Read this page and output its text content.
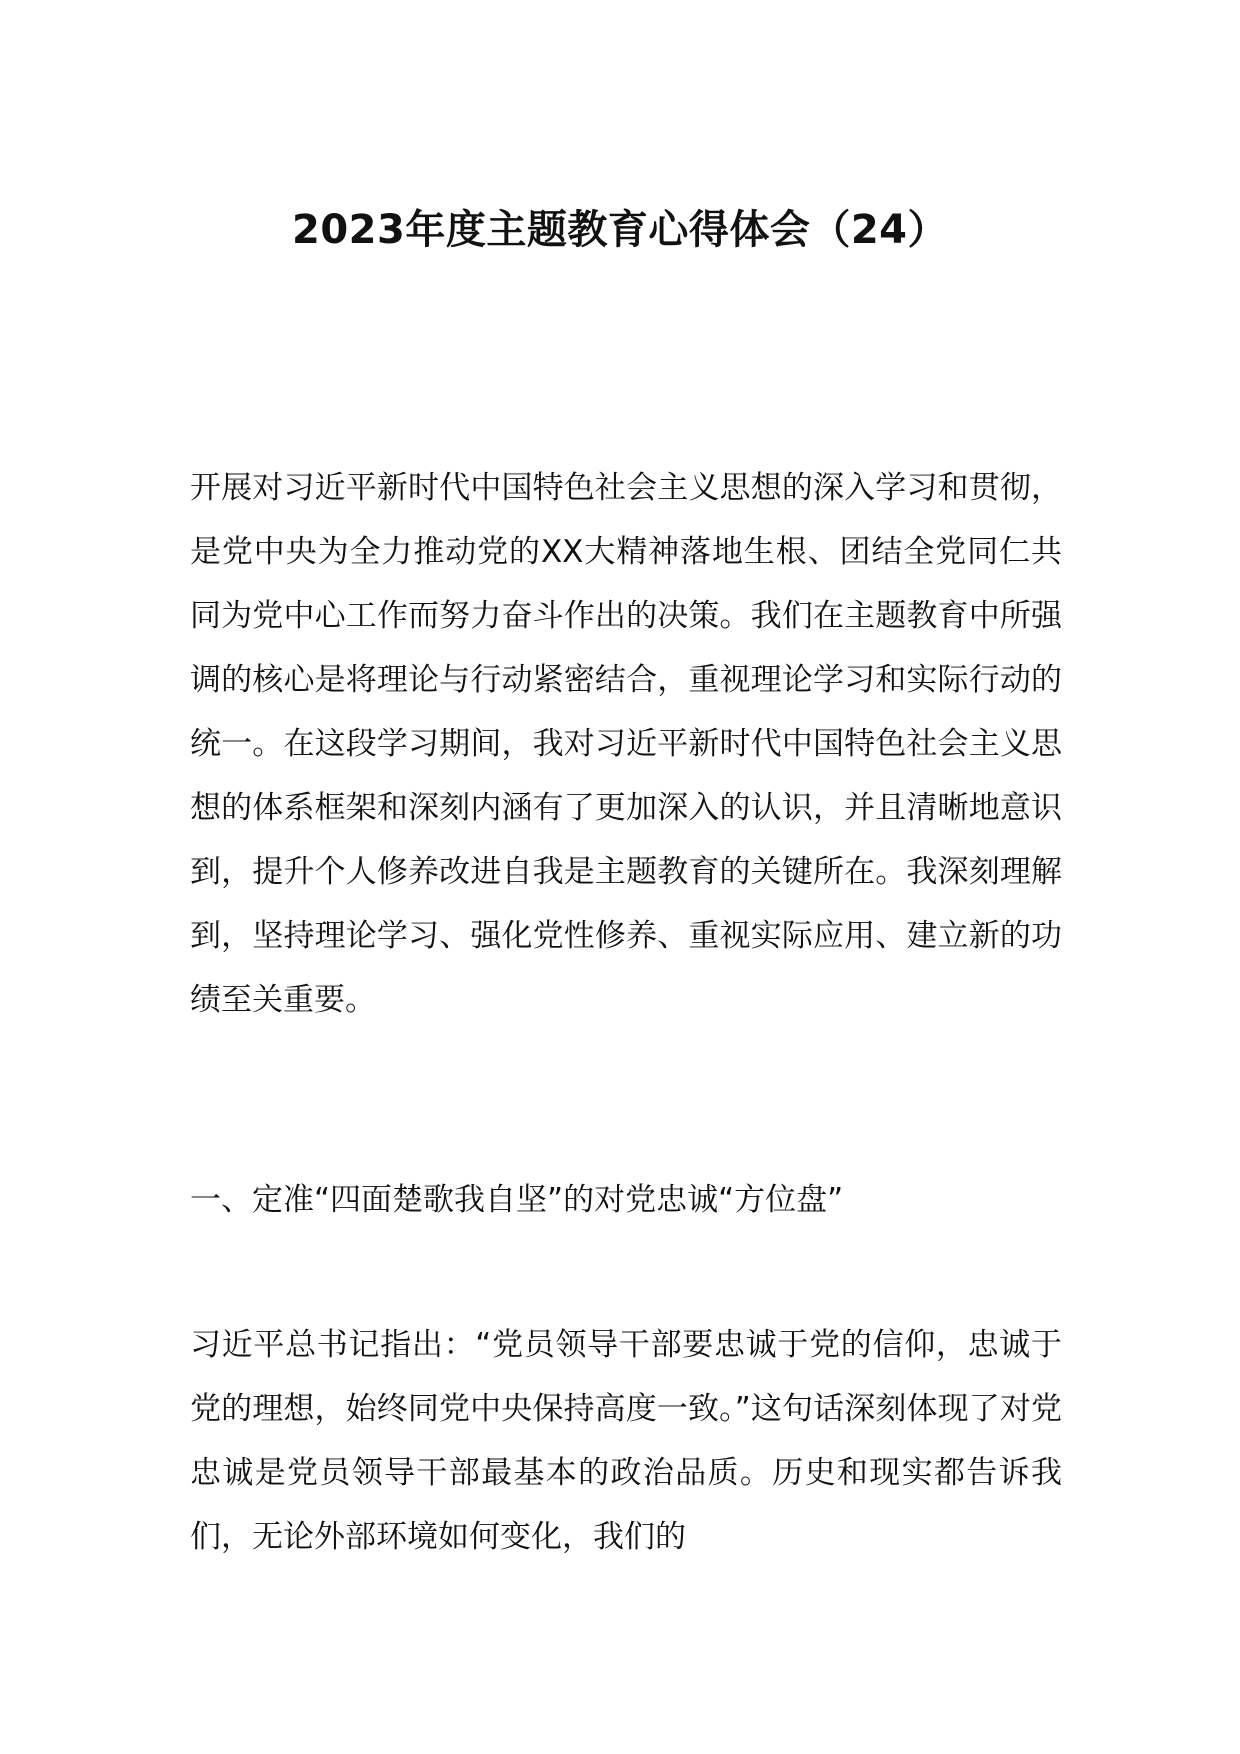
2023年度主题教育心得体会（24）

开展对习近平新时代中国特色社会主义思想的深入学习和贯彻，是党中央为全力推动党的XX大精神落地生根、团结全党同仁共同为党中心工作而努力奋斗作出的决策。我们在主题教育中所强调的核心是将理论与行动紧密结合，重视理论学习和实际行动的统一。在这段学习期间，我对习近平新时代中国特色社会主义思想的体系框架和深刻内涵有了更加深入的认识，并且清晰地意识到，提升个人修养改进自我是主题教育的关键所在。我深刻理解到，坚持理论学习、强化党性修养、重视实际应用、建立新的功绩至关重要。

一、定准“四面楚歌我自坚”的对党忠诚“方位盘”

习近平总书记指出：“党员领导干部要忠诚于党的信仰，忠诚于党的理想，始终同党中央保持高度一致。”这句话深刻体现了对党忠诚是党员领导干部最基本的政治品质。历史和现实都告诉我们，无论外部环境如何变化，我们的
